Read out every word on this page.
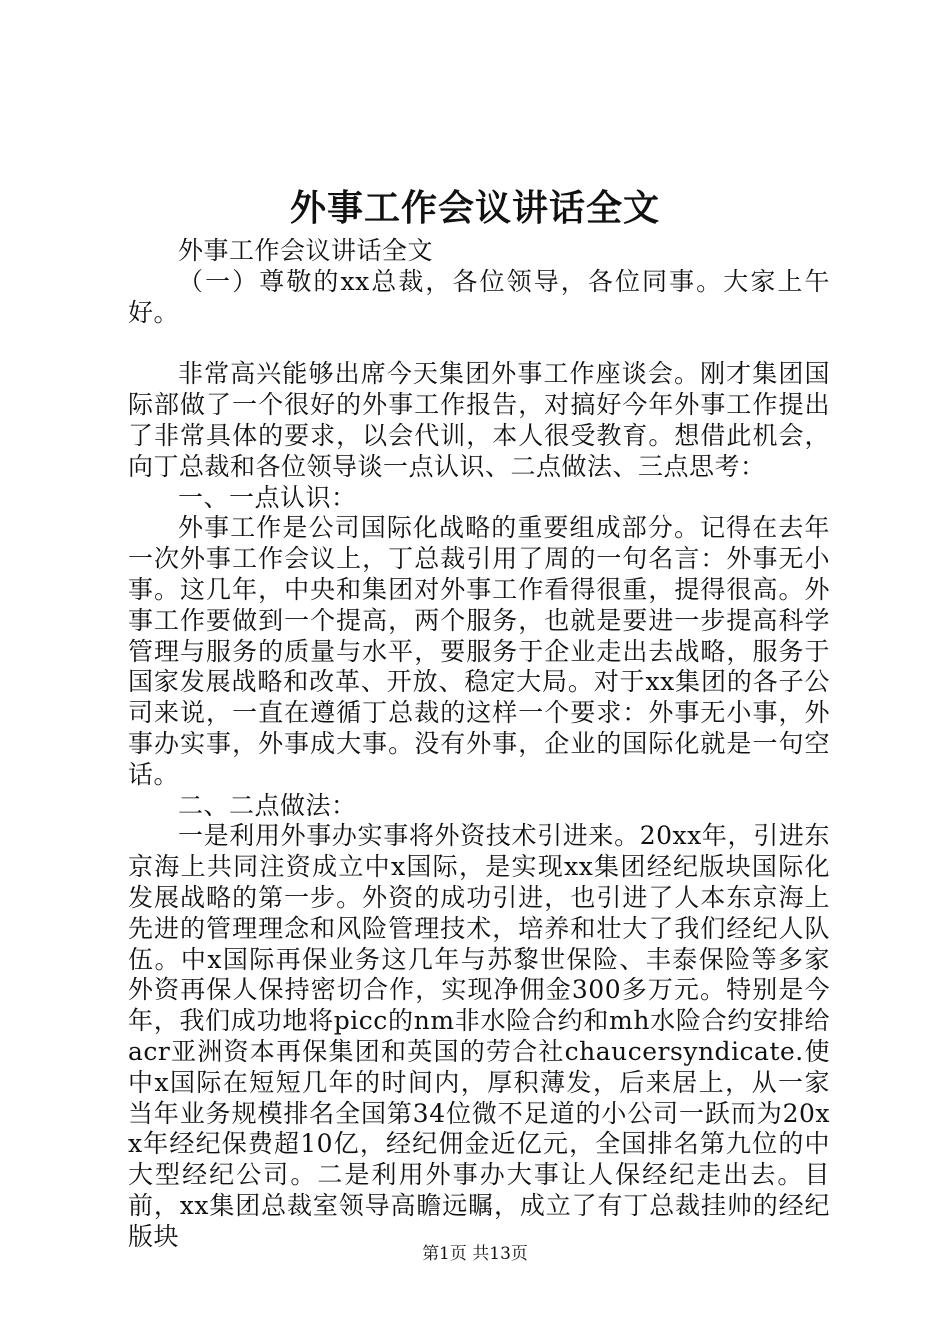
外事工作会议讲话全文

外事工作会议讲话全文

（一）尊敬的xx总裁，各位领导，各位同事。大家上午好。

非常高兴能够出席今天集团外事工作座谈会。刚才集团国际部做了一个很好的外事工作报告，对搞好今年外事工作提出了非常具体的要求，以会代训，本人很受教育。想借此机会，向丁总裁和各位领导谈一点认识、二点做法、三点思考：

一、一点认识：

外事工作是公司国际化战略的重要组成部分。记得在去年一次外事工作会议上，丁总裁引用了周的一句名言：外事无小事。这几年，中央和集团对外事工作看得很重，提得很高。外事工作要做到一个提高，两个服务，也就是要进一步提高科学管理与服务的质量与水平，要服务于企业走出去战略，服务于国家发展战略和改革、开放、稳定大局。对于xx集团的各子公司来说，一直在遵循丁总裁的这样一个要求：外事无小事，外事办实事，外事成大事。没有外事，企业的国际化就是一句空话。

二、二点做法：

一是利用外事办实事将外资技术引进来。20xx年，引进东京海上共同注资成立中x国际，是实现xx集团经纪版块国际化发展战略的第一步。外资的成功引进，也引进了人本东京海上先进的管理理念和风险管理技术，培养和壮大了我们经纪人队伍。中x国际再保业务这几年与苏黎世保险、丰泰保险等多家外资再保人保持密切合作，实现净佣金300多万元。特别是今年，我们成功地将picc的nm非水险合约和mh水险合约安排给acr亚洲资本再保集团和英国的劳合社chaucersyndicate.使中x国际在短短几年的时间内，厚积薄发，后来居上，从一家当年业务规模排名全国第34位微不足道的小公司一跃而为20xx年经纪保费超10亿，经纪佣金近亿元，全国排名第九位的中大型经纪公司。二是利用外事办大事让人保经纪走出去。目前，xx集团总裁室领导高瞻远瞩，成立了有丁总裁挂帅的经纪版块

第1页 共13页
